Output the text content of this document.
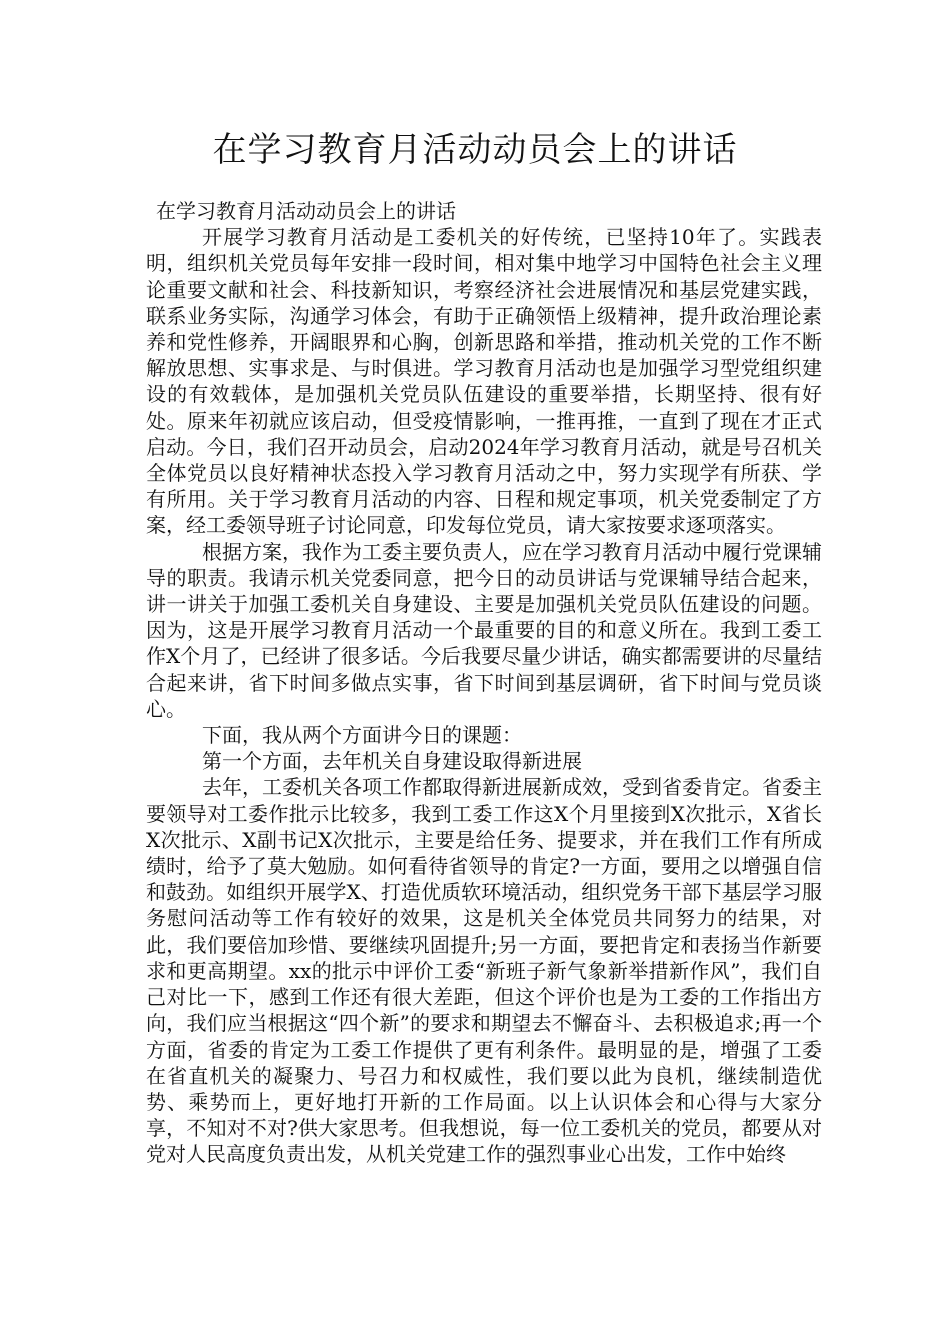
在学习教育月活动动员会上的讲话

在学习教育月活动动员会上的讲话

开展学习教育月活动是工委机关的好传统，已坚持10年了。实践表明，组织机关党员每年安排一段时间，相对集中地学习中国特色社会主义理论重要文献和社会、科技新知识，考察经济社会进展情况和基层党建实践，联系业务实际，沟通学习体会，有助于正确领悟上级精神，提升政治理论素养和党性修养，开阔眼界和心胸，创新思路和举措，推动机关党的工作不断解放思想、实事求是、与时俱进。学习教育月活动也是加强学习型党组织建设的有效载体，是加强机关党员队伍建设的重要举措，长期坚持、很有好处。原来年初就应该启动，但受疫情影响，一推再推，一直到了现在才正式启动。今日，我们召开动员会，启动2024年学习教育月活动，就是号召机关全体党员以良好精神状态投入学习教育月活动之中，努力实现学有所获、学有所用。关于学习教育月活动的内容、日程和规定事项，机关党委制定了方案，经工委领导班子讨论同意，印发每位党员，请大家按要求逐项落实。

根据方案，我作为工委主要负责人，应在学习教育月活动中履行党课辅导的职责。我请示机关党委同意，把今日的动员讲话与党课辅导结合起来，讲一讲关于加强工委机关自身建设、主要是加强机关党员队伍建设的问题。因为，这是开展学习教育月活动一个最重要的目的和意义所在。我到工委工作X个月了，已经讲了很多话。今后我要尽量少讲话，确实都需要讲的尽量结合起来讲，省下时间多做点实事，省下时间到基层调研，省下时间与党员谈心。

下面，我从两个方面讲今日的课题：

第一个方面，去年机关自身建设取得新进展

去年，工委机关各项工作都取得新进展新成效，受到省委肯定。省委主要领导对工委作批示比较多，我到工委工作这X个月里接到X次批示，X省长X次批示、X副书记X次批示，主要是给任务、提要求，并在我们工作有所成绩时，给予了莫大勉励。如何看待省领导的肯定?一方面，要用之以增强自信和鼓劲。如组织开展学X、打造优质软环境活动，组织党务干部下基层学习服务慰问活动等工作有较好的效果，这是机关全体党员共同努力的结果，对此，我们要倍加珍惜、要继续巩固提升;另一方面，要把肯定和表扬当作新要求和更高期望。xx的批示中评价工委“新班子新气象新举措新作风”，我们自己对比一下，感到工作还有很大差距，但这个评价也是为工委的工作指出方向，我们应当根据这“四个新”的要求和期望去不懈奋斗、去积极追求;再一个方面，省委的肯定为工委工作提供了更有利条件。最明显的是，增强了工委在省直机关的凝聚力、号召力和权威性，我们要以此为良机，继续制造优势、乘势而上，更好地打开新的工作局面。以上认识体会和心得与大家分享，不知对不对?供大家思考。但我想说，每一位工委机关的党员，都要从对党对人民高度负责出发，从机关党建工作的强烈事业心出发，工作中始终
